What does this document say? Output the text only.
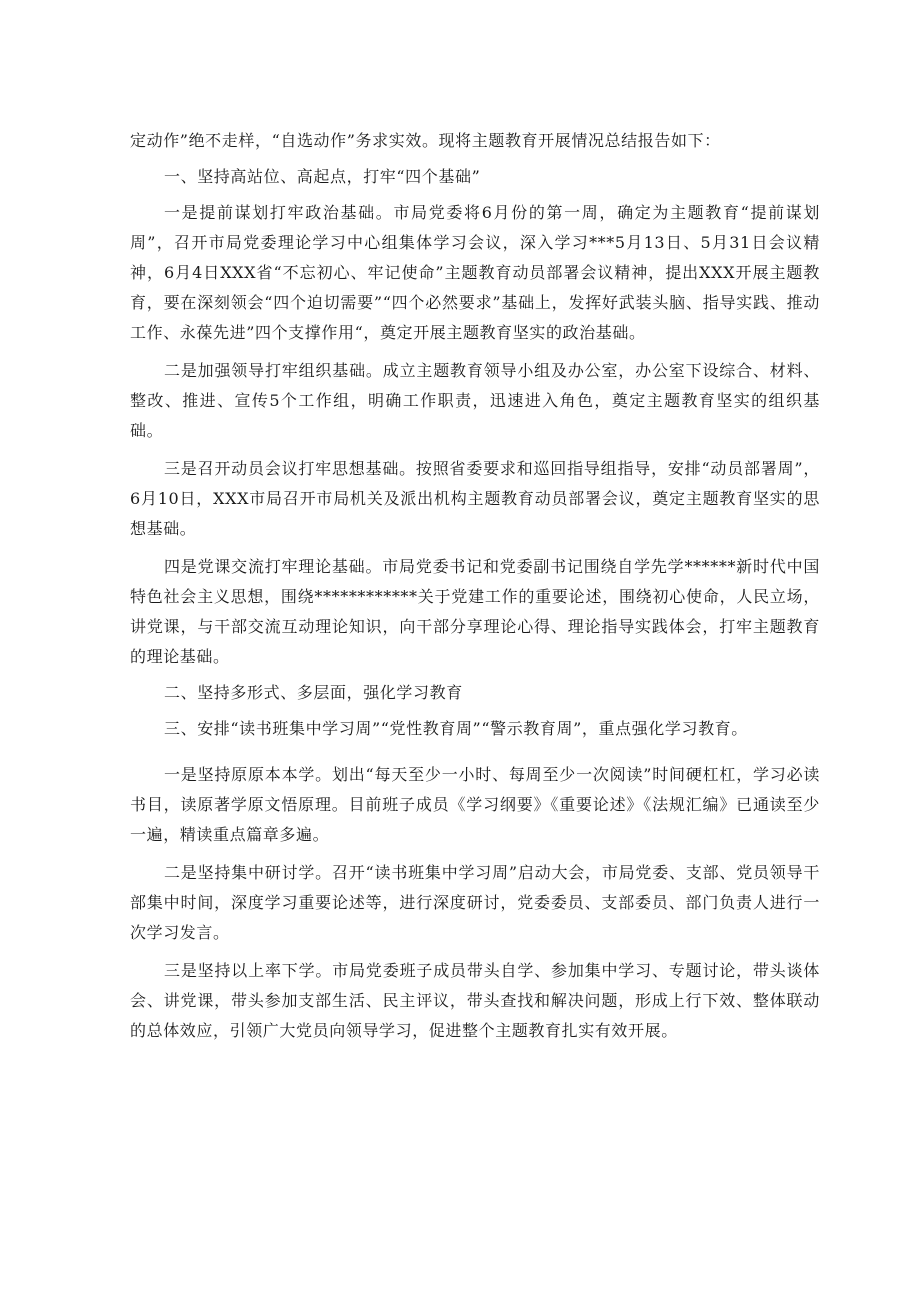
定动作”绝不走样，“自选动作”务求实效。现将主题教育开展情况总结报告如下：

一、坚持高站位、高起点，打牢“四个基础”

一是提前谋划打牢政治基础。市局党委将6月份的第一周，确定为主题教育“提前谋划周”，召开市局党委理论学习中心组集体学习会议，深入学习***5月13日、5月31日会议精神，6月4日XXX省“不忘初心、牢记使命”主题教育动员部署会议精神，提出XXX开展主题教育，要在深刻领会“四个迫切需要”“四个必然要求”基础上，发挥好武装头脑、指导实践、推动工作、永葆先进”四个支撑作用“，奠定开展主题教育坚实的政治基础。

二是加强领导打牢组织基础。成立主题教育领导小组及办公室，办公室下设综合、材料、整改、推进、宣传5个工作组，明确工作职责，迅速进入角色，奠定主题教育坚实的组织基础。

三是召开动员会议打牢思想基础。按照省委要求和巡回指导组指导，安排“动员部署周”，6月10日，XXX市局召开市局机关及派出机构主题教育动员部署会议，奠定主题教育坚实的思想基础。

四是党课交流打牢理论基础。市局党委书记和党委副书记围绕自学先学******新时代中国特色社会主义思想，围绕************关于党建工作的重要论述，围绕初心使命，人民立场，讲党课，与干部交流互动理论知识，向干部分享理论心得、理论指导实践体会，打牢主题教育的理论基础。

二、坚持多形式、多层面，强化学习教育

三、安排“读书班集中学习周”“党性教育周”“警示教育周”，重点强化学习教育。

一是坚持原原本本学。划出“每天至少一小时、每周至少一次阅读”时间硬杠杠，学习必读书目，读原著学原文悟原理。目前班子成员《学习纲要》《重要论述》《法规汇编》已通读至少一遍，精读重点篇章多遍。

二是坚持集中研讨学。召开“读书班集中学习周”启动大会，市局党委、支部、党员领导干部集中时间，深度学习重要论述等，进行深度研讨，党委委员、支部委员、部门负责人进行一次学习发言。

三是坚持以上率下学。市局党委班子成员带头自学、参加集中学习、专题讨论，带头谈体会、讲党课，带头参加支部生活、民主评议，带头查找和解决问题，形成上行下效、整体联动的总体效应，引领广大党员向领导学习，促进整个主题教育扎实有效开展。
